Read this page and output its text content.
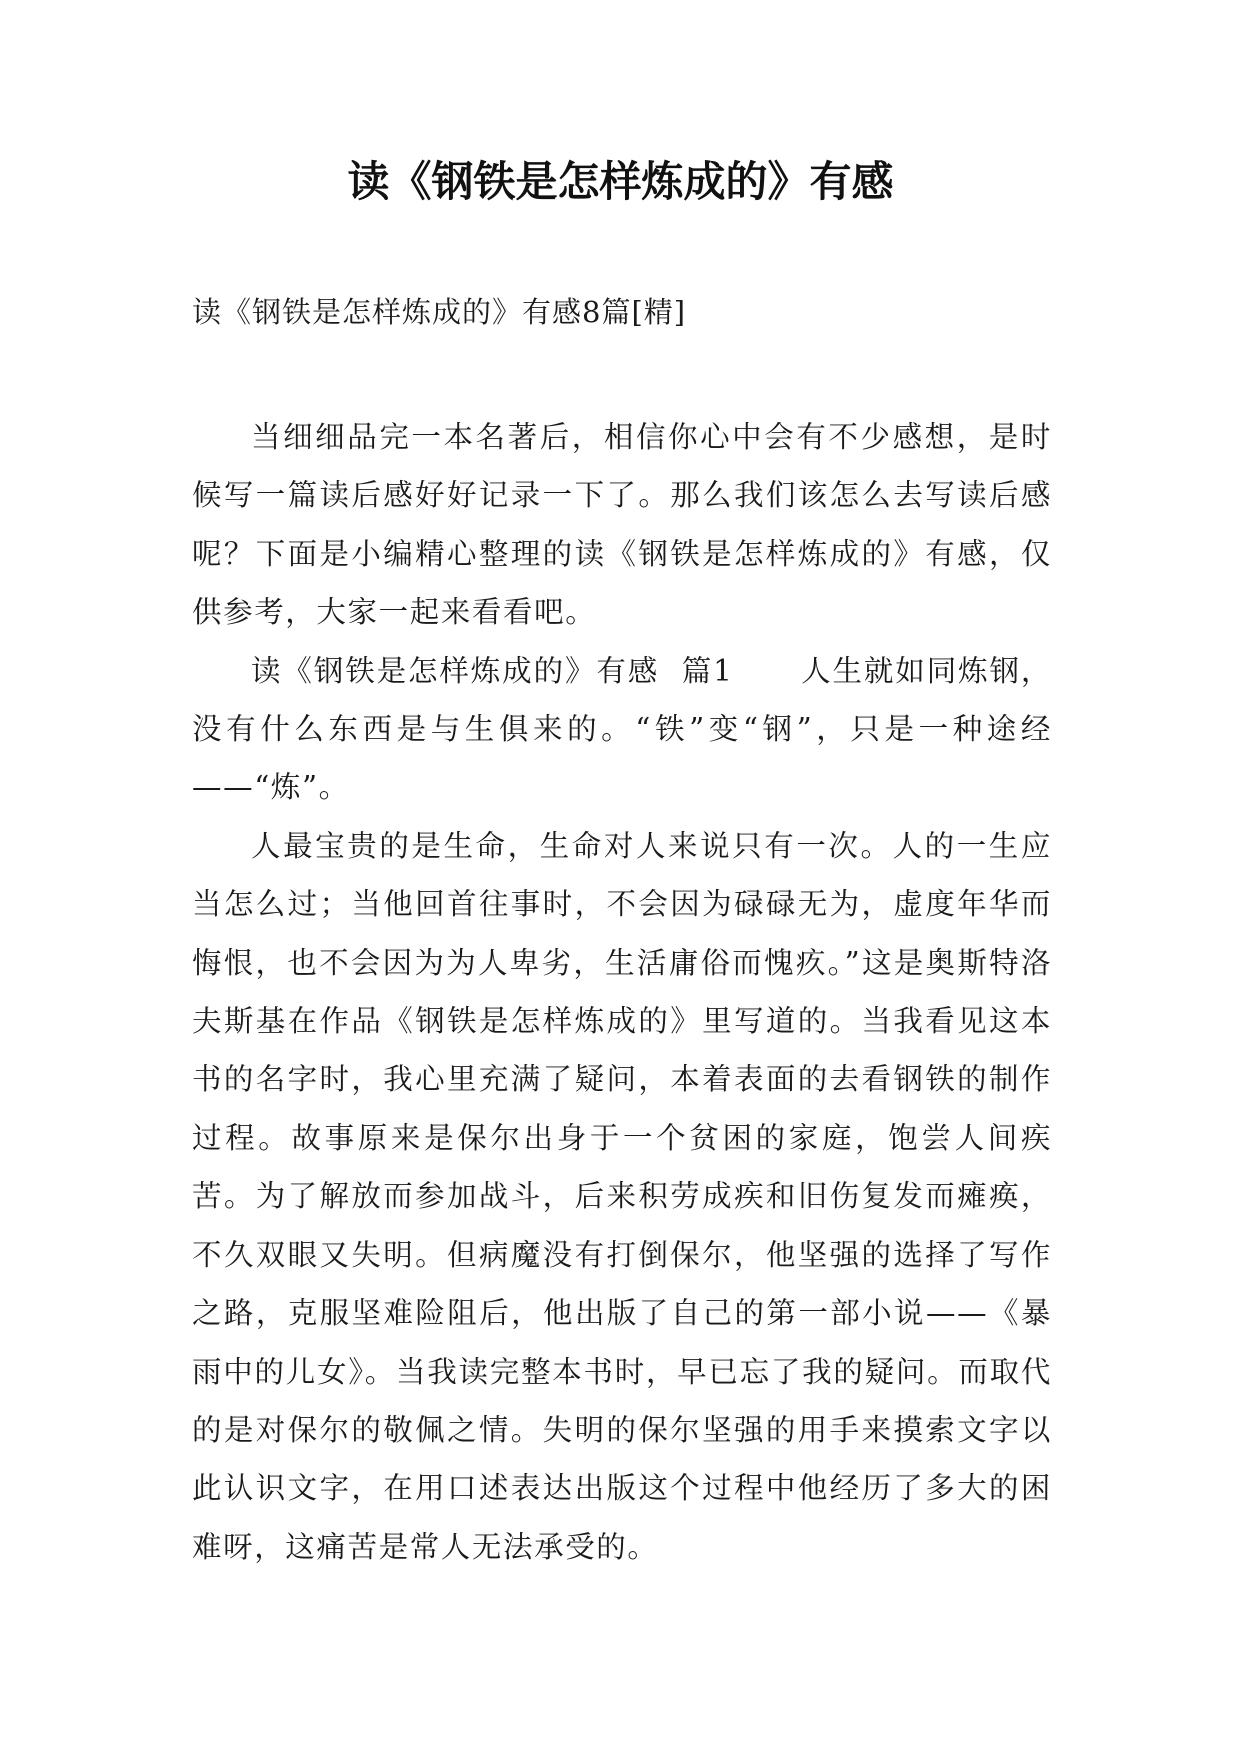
读《钢铁是怎样炼成的》有感

读《钢铁是怎样炼成的》有感8篇[精]

当细细品完一本名著后，相信你心中会有不少感想，是时候写一篇读后感好好记录一下了。那么我们该怎么去写读后感呢？下面是小编精心整理的读《钢铁是怎样炼成的》有感，仅供参考，大家一起来看看吧。

读《钢铁是怎样炼成的》有感  篇1      人生就如同炼钢，没有什么东西是与生俱来的。“铁”变“钢”，只是一种途经——“炼”。

人最宝贵的是生命，生命对人来说只有一次。人的一生应当怎么过；当他回首往事时，不会因为碌碌无为，虚度年华而悔恨，也不会因为为人卑劣，生活庸俗而愧疚。”这是奥斯特洛夫斯基在作品《钢铁是怎样炼成的》里写道的。当我看见这本书的名字时，我心里充满了疑问，本着表面的去看钢铁的制作过程。故事原来是保尔出身于一个贫困的家庭，饱尝人间疾苦。为了解放而参加战斗，后来积劳成疾和旧伤复发而瘫痪，不久双眼又失明。但病魔没有打倒保尔，他坚强的选择了写作之路，克服坚难险阻后，他出版了自己的第一部小说——《暴雨中的儿女》。当我读完整本书时，早已忘了我的疑问。而取代的是对保尔的敬佩之情。失明的保尔坚强的用手来摸索文字以此认识文字，在用口述表达出版这个过程中他经历了多大的困难呀，这痛苦是常人无法承受的。
